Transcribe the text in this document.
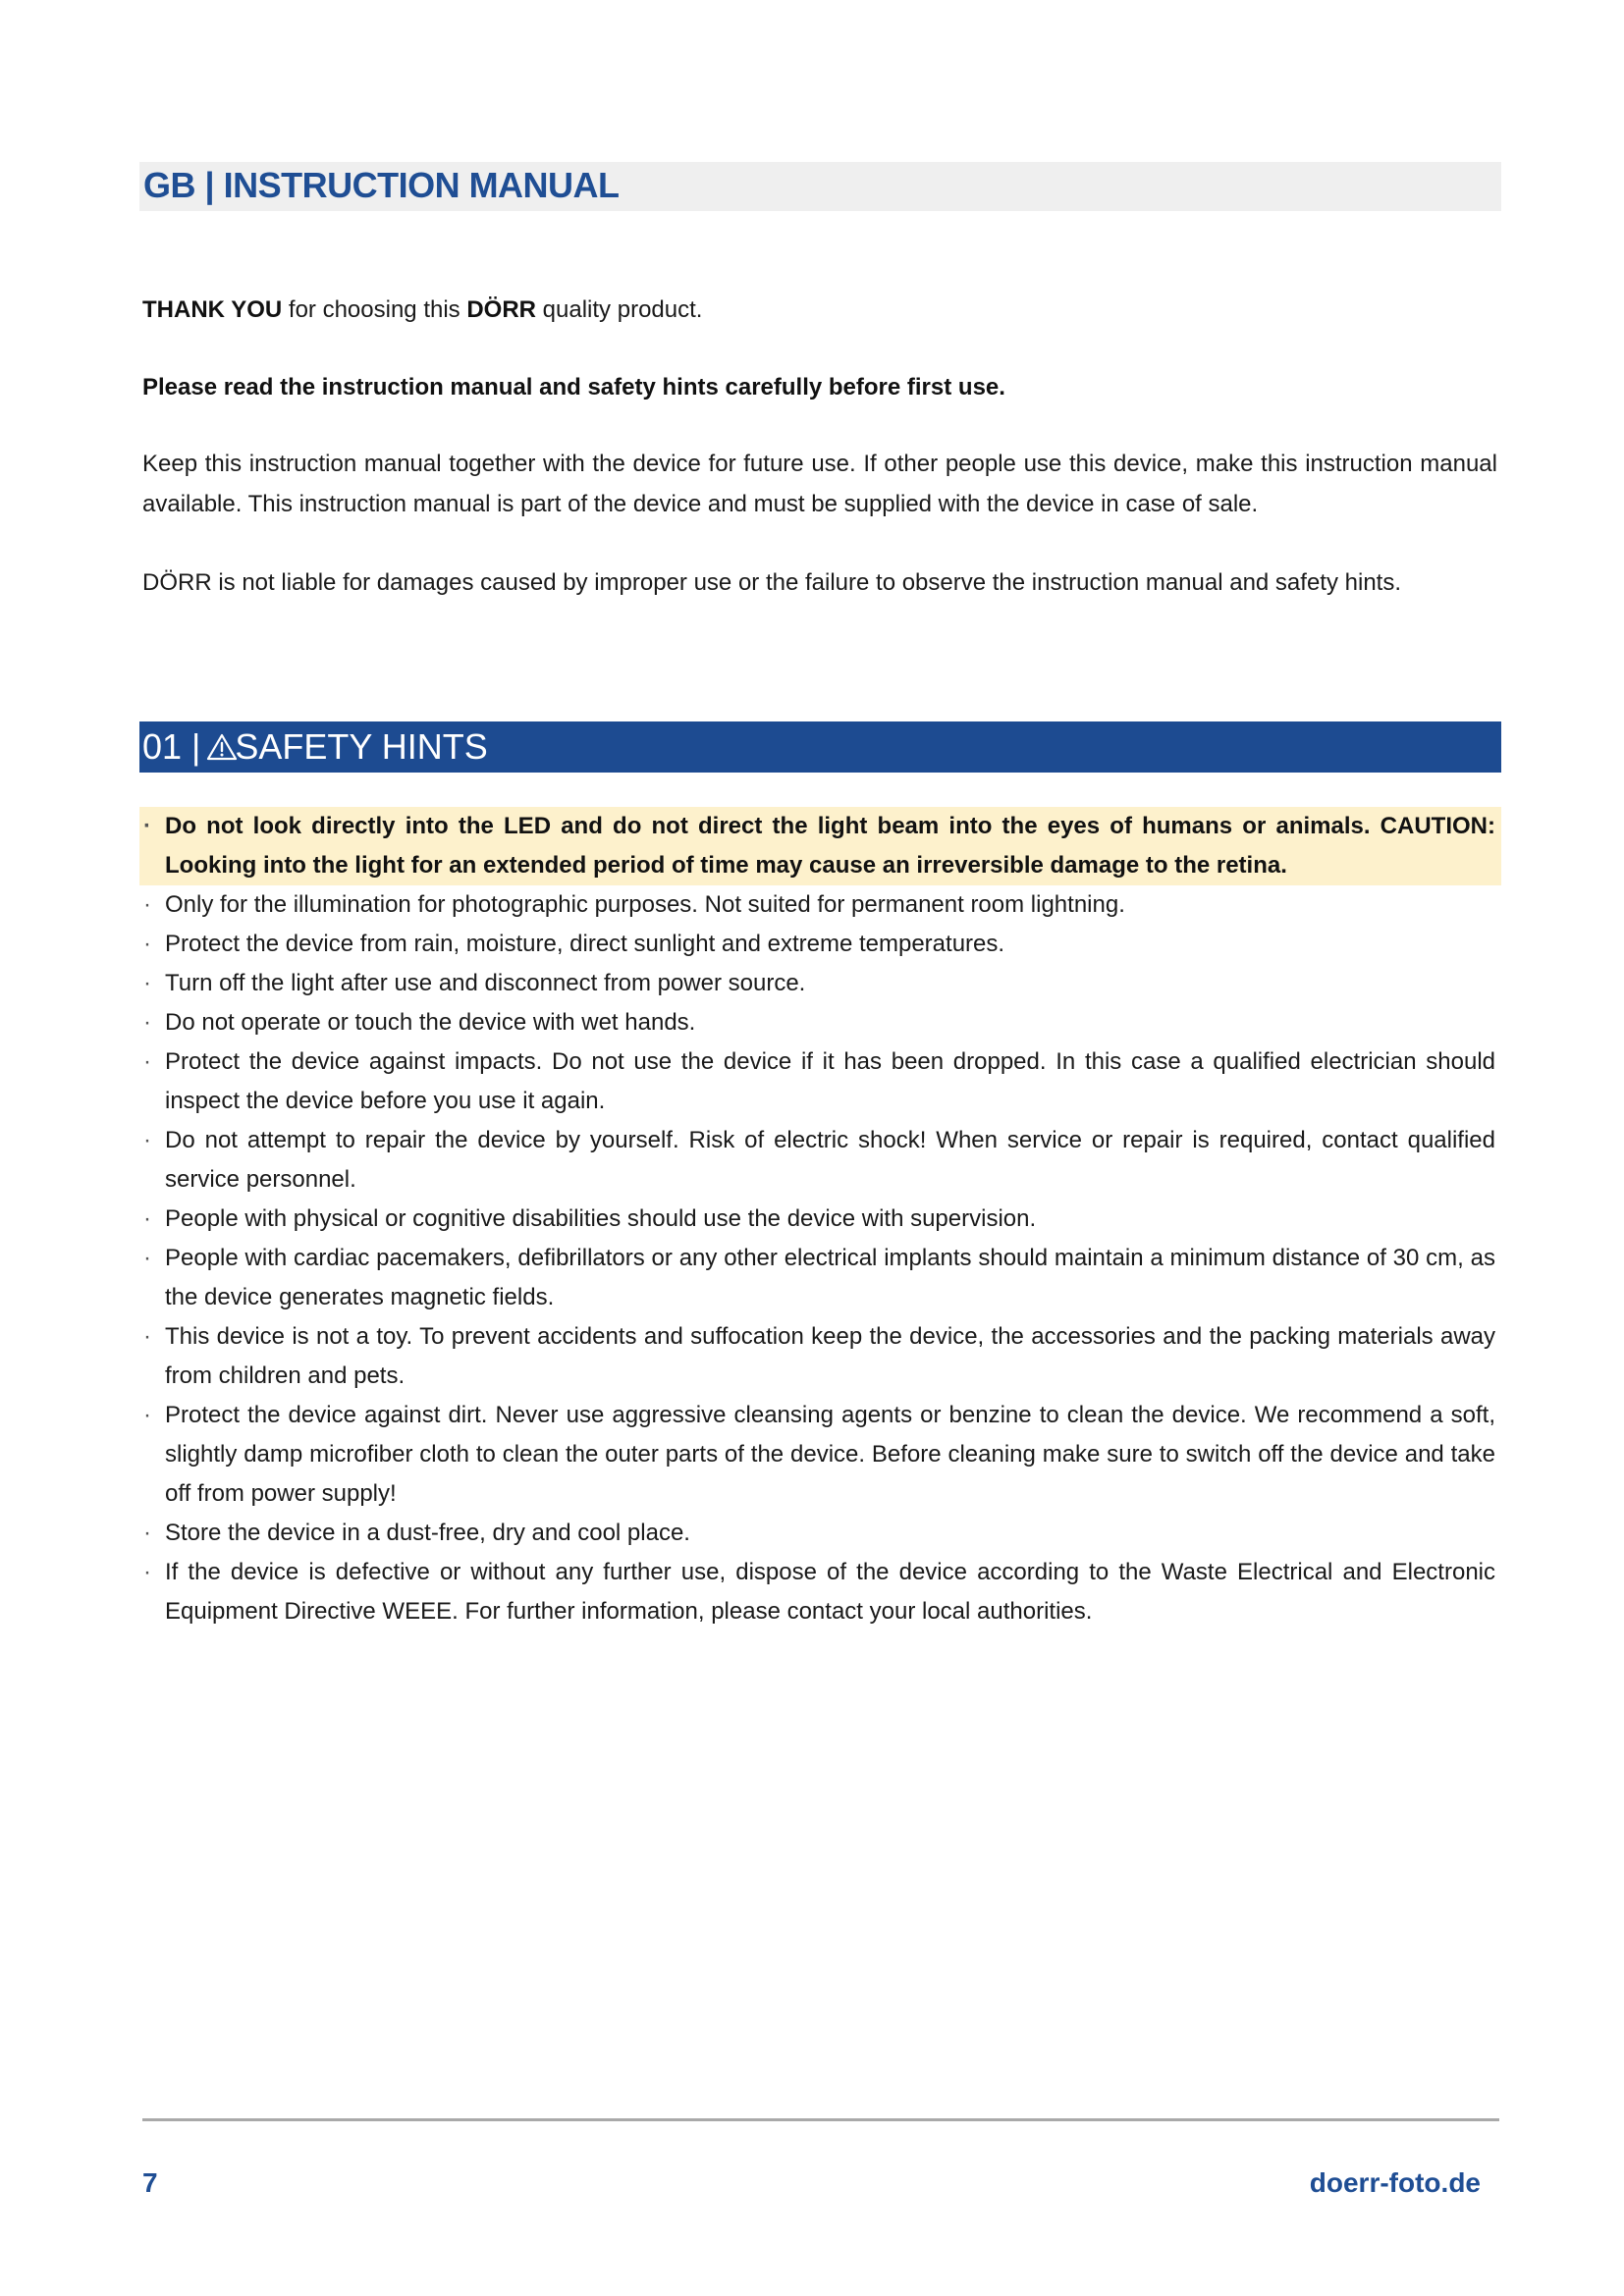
GB | INSTRUCTION MANUAL
THANK YOU for choosing this DÖRR quality product.
Please read the instruction manual and safety hints carefully before first use.
Keep this instruction manual together with the device for future use. If other people use this device, make this instruction manual available. This instruction manual is part of the device and must be supplied with the device in case of sale.
DÖRR is not liable for damages caused by improper use or the failure to observe the instruction manual and safety hints.
01 | SAFETY HINTS
· Do not look directly into the LED and do not direct the light beam into the eyes of humans or animals. CAUTION: Looking into the light for an extended period of time may cause an irreversible damage to the retina.
· Only for the illumination for photographic purposes. Not suited for permanent room lightning.
· Protect the device from rain, moisture, direct sunlight and extreme temperatures.
· Turn off the light after use and disconnect from power source.
· Do not operate or touch the device with wet hands.
· Protect the device against impacts. Do not use the device if it has been dropped. In this case a qualified electrician should inspect the device before you use it again.
· Do not attempt to repair the device by yourself. Risk of electric shock! When service or repair is required, contact qualified service personnel.
· People with physical or cognitive disabilities should use the device with supervision.
· People with cardiac pacemakers, defibrillators or any other electrical implants should maintain a minimum distance of 30 cm, as the device generates magnetic fields.
· This device is not a toy. To prevent accidents and suffocation keep the device, the accessories and the packing materials away from children and pets.
· Protect the device against dirt. Never use aggressive cleansing agents or benzine to clean the device. We recommend a soft, slightly damp microfiber cloth to clean the outer parts of the device. Before cleaning make sure to switch off the device and take off from power supply!
· Store the device in a dust-free, dry and cool place.
· If the device is defective or without any further use, dispose of the device according to the Waste Electrical and Electronic Equipment Directive WEEE. For further information, please contact your local authorities.
7	doerr-foto.de
